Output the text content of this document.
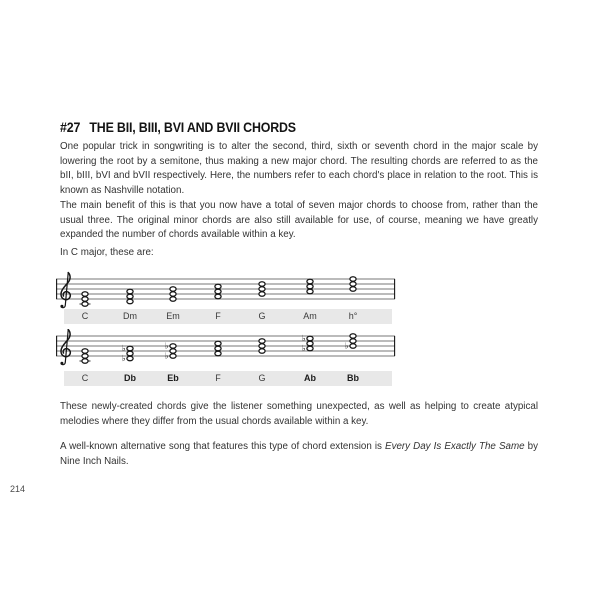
#27 THE BII, BIII, BVI AND BVII CHORDS
One popular trick in songwriting is to alter the second, third, sixth or seventh chord in the major scale by lowering the root by a semitone, thus making a new major chord. The resulting chords are referred to as the bII, bIII, bVI and bVII respectively. Here, the numbers refer to each chord's place in relation to the root. This is known as Nashville notation.
The main benefit of this is that you now have a total of seven major chords to choose from, rather than the usual three. The original minor chords are also still available for use, of course, meaning we have greatly expanded the number of chords available within a key.
In C major, these are:
C	Dm	Em	F	G	Am	h°
♭
♭
♭
♭	♭
♭
♭
C	Db	Eb	F	G	Ab	Bb
These newly-created chords give the listener something unexpected, as well as helping to create atypical melodies where they differ from the usual chords available within a key.
A well-known alternative song that features this type of chord extension is Every Day Is Exactly The Same by Nine Inch Nails.
214
